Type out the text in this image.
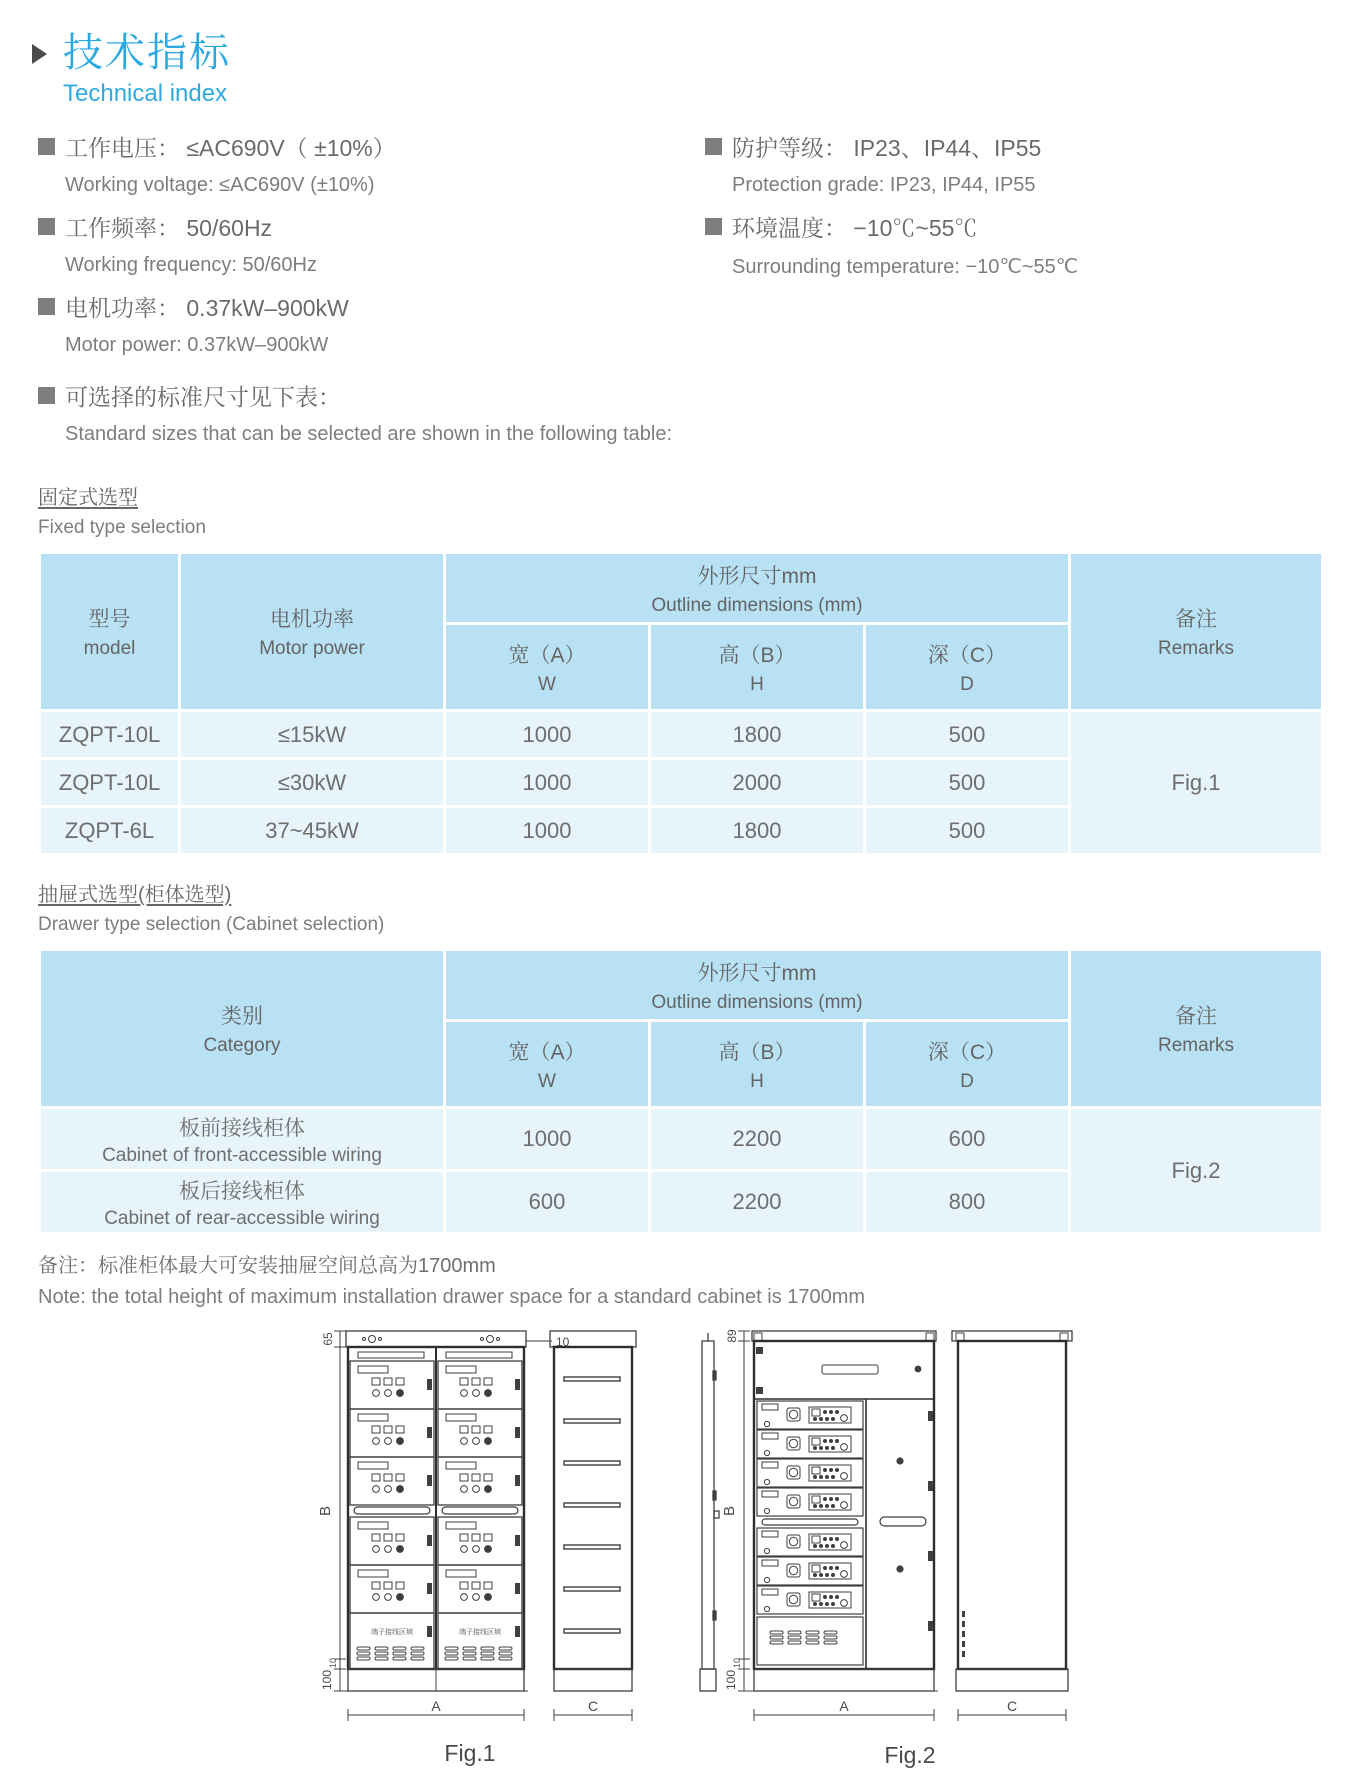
技术指标
Technical index
工作电压： ≤AC690V（ ±10%）
Working voltage: ≤AC690V (±10%)
工作频率： 50/60Hz
Working frequency: 50/60Hz
电机功率： 0.37kW–900kW
Motor power: 0.37kW–900kW
可选择的标准尺寸见下表：
Standard sizes that can be selected are shown in the following table:
防护等级： IP23、IP44、IP55
Protection grade: IP23, IP44, IP55
环境温度： −10℃~55℃
Surrounding temperature: −10℃~55℃
固定式选型
Fixed type selection
型号
model

电机功率
Motor power

外形尺寸mm
Outline dimensions (mm)

备注
Remarks

宽（A）
W

高（B）
H

深（C）
D

ZQPT-10L	≤15kW	1000	1800	500	Fig.1
ZQPT-10L	≤30kW	1000	2000	500	
ZQPT-6L	37~45kW	1000	1800	500	
抽屉式选型(柜体选型)
Drawer type selection (Cabinet selection)
类别
Category

外形尺寸mm
Outline dimensions (mm)

备注
Remarks

宽（A）
W

高（B）
H

深（C）
D

板前接线柜体
Cabinet of front-accessible wiring	1000	2200	600	Fig.2

板后接线柜体
Cabinet of rear-accessible wiring	600	2200	800	
备注：标准柜体最大可安装抽屉空间总高为1700mm
Note: the total height of maximum installation drawer space for a standard cabinet is 1700mm
65
B
10
100
10
端子接线区域	端子接线区域
A	C
Fig.1
89
B
10
100
A	C
Fig.2
